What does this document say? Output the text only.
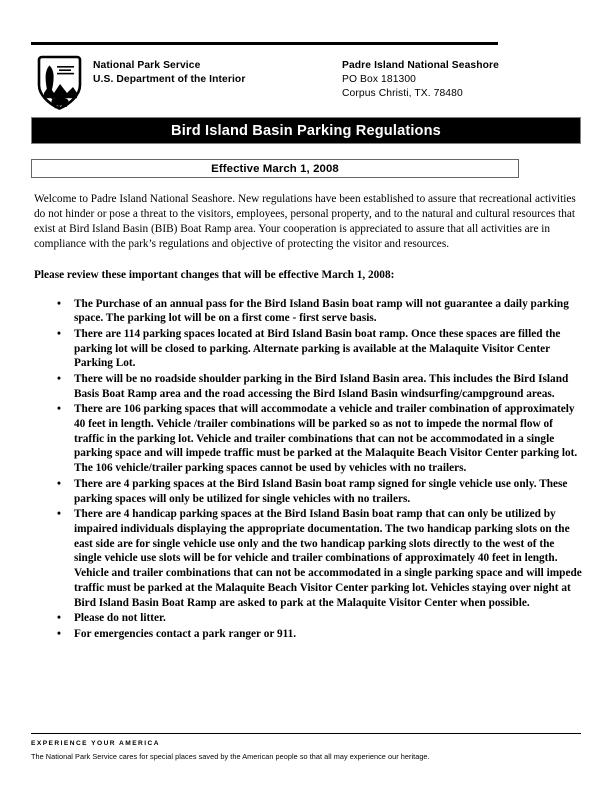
National Park Service
U.S. Department of the Interior
Padre Island National Seashore
PO Box 181300
Corpus Christi, TX. 78480
Bird Island Basin Parking Regulations
Effective March 1, 2008

Welcome to Padre Island National Seashore. New regulations have been established to assure that recreational activities do not hinder or pose a threat to the visitors, employees, personal property, and to the natural and cultural resources that exist at Bird Island Basin (BIB) Boat Ramp area. Your cooperation is appreciated to assure that all activities are in compliance with the park’s regulations and objective of protecting the visitor and resources.

Please review these important changes that will be effective March 1, 2008:

• The Purchase of an annual pass for the Bird Island Basin boat ramp will not guarantee a daily parking space. The parking lot will be on a first come - first serve basis.
• There are 114 parking spaces located at Bird Island Basin boat ramp. Once these spaces are filled the parking lot will be closed to parking. Alternate parking is available at the Malaquite Visitor Center Parking Lot.
• There will be no roadside shoulder parking in the Bird Island Basin area. This includes the Bird Island Basis Boat Ramp area and the road accessing the Bird Island Basin windsurfing/campground areas.
• There are 106 parking spaces that will accommodate a vehicle and trailer combination of approximately 40 feet in length. Vehicle /trailer combinations will be parked so as not to impede the normal flow of traffic in the parking lot. Vehicle and trailer combinations that can not be accommodated in a single parking space and will impede traffic must be parked at the Malaquite Beach Visitor Center parking lot. The 106 vehicle/trailer parking spaces cannot be used by vehicles with no trailers.
• There are 4 parking spaces at the Bird Island Basin boat ramp signed for single vehicle use only. These parking spaces will only be utilized for single vehicles with no trailers.
• There are 4 handicap parking spaces at the Bird Island Basin boat ramp that can only be utilized by impaired individuals displaying the appropriate documentation. The two handicap parking slots on the east side are for single vehicle use only and the two handicap parking slots directly to the west of the single vehicle use slots will be for vehicle and trailer combinations of approximately 40 feet in length. Vehicle and trailer combinations that can not be accommodated in a single parking space and will impede traffic must be parked at the Malaquite Beach Visitor Center parking lot. Vehicles staying over night at Bird Island Basin Boat Ramp are asked to park at the Malaquite Visitor Center when possible.
• Please do not litter.
• For emergencies contact a park ranger or 911.
EXPERIENCE YOUR AMERICA
The National Park Service cares for special places saved by the American people so that all may experience our heritage.
